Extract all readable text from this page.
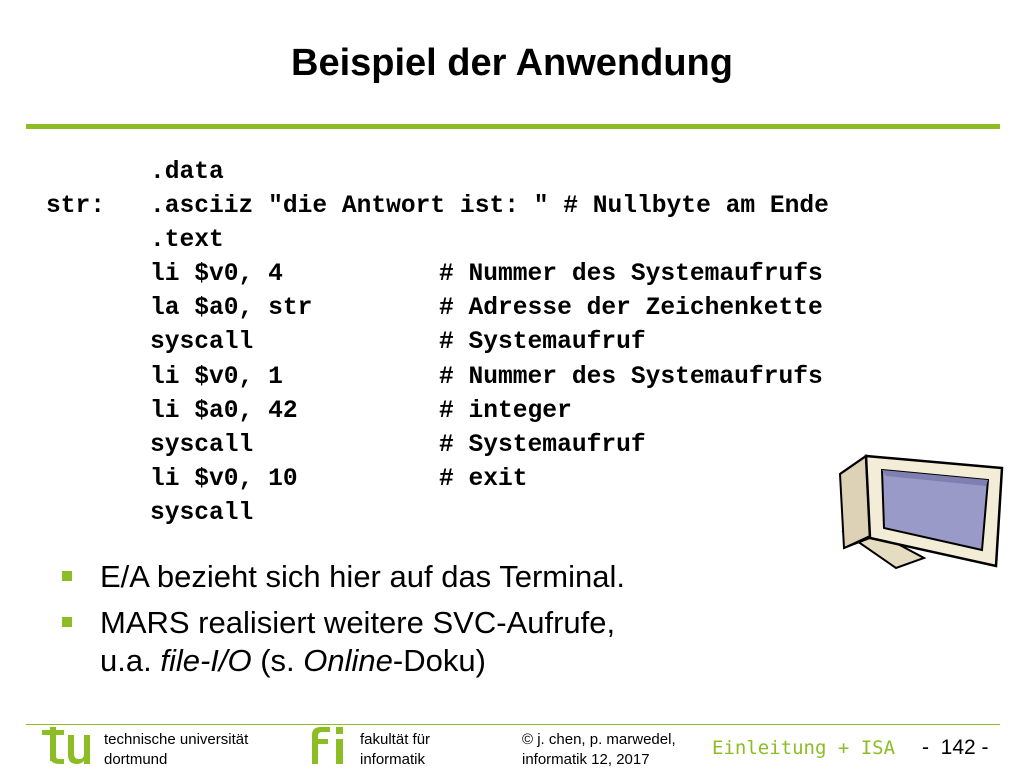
Beispiel der Anwendung
.data
str: .asciiz "die Antwort ist: " # Nullbyte am Ende
.text
li $v0, 4	# Nummer des Systemaufrufs
la $a0, str	# Adresse der Zeichenkette
syscall	# Systemaufruf
li $v0, 1	# Nummer des Systemaufrufs
li $a0, 42	# integer
syscall	# Systemaufruf
li $v0, 10	# exit
syscall
E/A bezieht sich hier auf das Terminal.
MARS realisiert weitere SVC-Aufrufe,
u.a. file-I/O (s. Online-Doku)
technische universität
dortmund
fakultät für
informatik
© j. chen, p. marwedel,
informatik 12, 2017
Einleitung + ISA -  142 -
